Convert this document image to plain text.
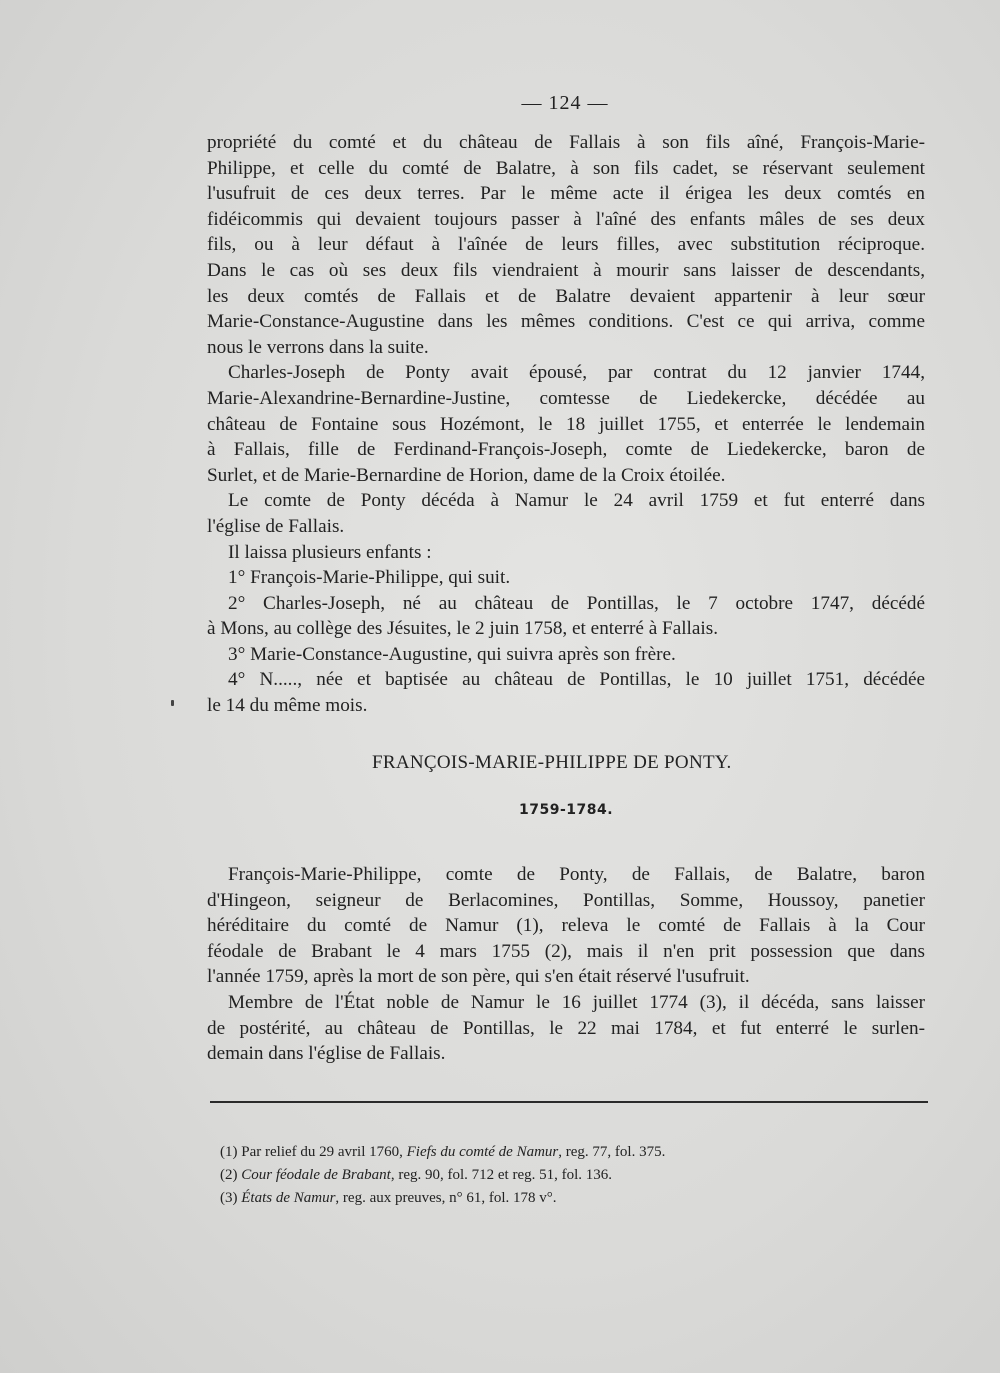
— 124 —

propriété du comté et du château de Fallais à son fils aîné, François-Marie-
Philippe, et celle du comté de Balatre, à son fils cadet, se réservant seulement
l'usufruit de ces deux terres. Par le même acte il érigea les deux comtés en
fidéicommis qui devaient toujours passer à l'aîné des enfants mâles de ses deux
fils, ou à leur défaut à l'aînée de leurs filles, avec substitution réciproque.
Dans le cas où ses deux fils viendraient à mourir sans laisser de descendants,
les deux comtés de Fallais et de Balatre devaient appartenir à leur sœur
Marie-Constance-Augustine dans les mêmes conditions. C'est ce qui arriva, comme
nous le verrons dans la suite.

Charles-Joseph de Ponty avait épousé, par contrat du 12 janvier 1744,
Marie-Alexandrine-Bernardine-Justine, comtesse de Liedekercke, décédée au
château de Fontaine sous Hozémont, le 18 juillet 1755, et enterrée le lendemain
à Fallais, fille de Ferdinand-François-Joseph, comte de Liedekercke, baron de
Surlet, et de Marie-Bernardine de Horion, dame de la Croix étoilée.

Le comte de Ponty décéda à Namur le 24 avril 1759 et fut enterré dans
l'église de Fallais.

Il laissa plusieurs enfants :

1° François-Marie-Philippe, qui suit.

2° Charles-Joseph, né au château de Pontillas, le 7 octobre 1747, décédé
à Mons, au collège des Jésuites, le 2 juin 1758, et enterré à Fallais.

3° Marie-Constance-Augustine, qui suivra après son frère.

4° N....., née et baptisée au château de Pontillas, le 10 juillet 1751, décédée
le 14 du même mois.

FRANÇOIS-MARIE-PHILIPPE DE PONTY.
1759-1784.

François-Marie-Philippe, comte de Ponty, de Fallais, de Balatre, baron
d'Hingeon, seigneur de Berlacomines, Pontillas, Somme, Houssoy, panetier
héréditaire du comté de Namur (1), releva le comté de Fallais à la Cour
féodale de Brabant le 4 mars 1755 (2), mais il n'en prit possession que dans
l'année 1759, après la mort de son père, qui s'en était réservé l'usufruit.

Membre de l'État noble de Namur le 16 juillet 1774 (3), il décéda, sans laisser
de postérité, au château de Pontillas, le 22 mai 1784, et fut enterré le surlen-
demain dans l'église de Fallais.

(1) Par relief du 29 avril 1760, Fiefs du comté de Namur, reg. 77, fol. 375.
(2) Cour féodale de Brabant, reg. 90, fol. 712 et reg. 51, fol. 136.
(3) États de Namur, reg. aux preuves, n° 61, fol. 178 v°.
